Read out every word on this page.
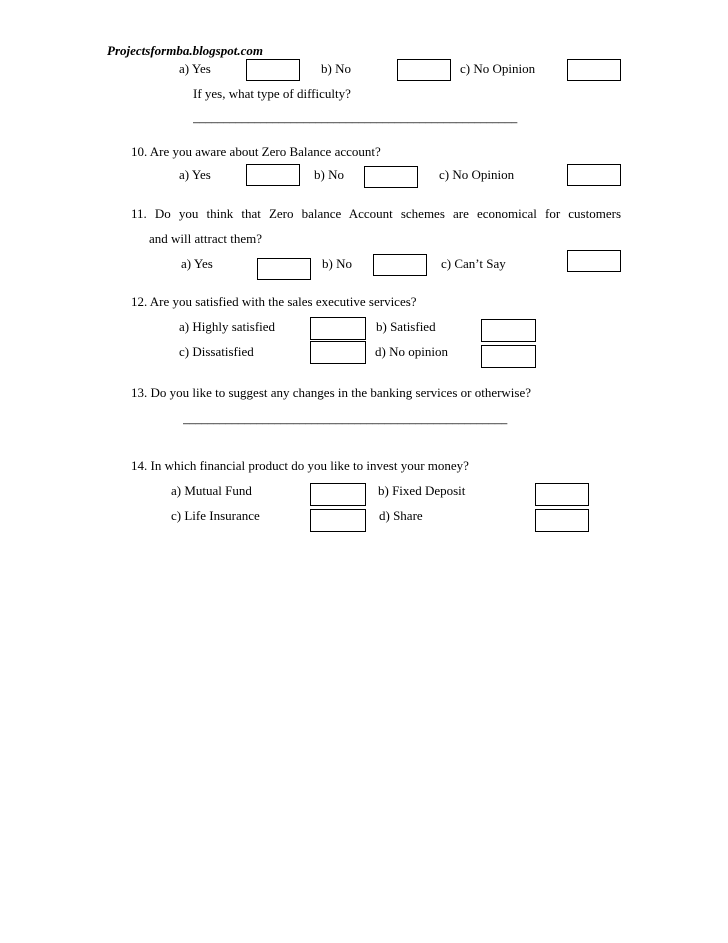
Projectsformba.blogspot.com
a) Yes	b) No	c) No Opinion
If yes, what type of difficulty?
_____________________________________________________
10. Are you aware about Zero Balance account?
a) Yes	b) No	c) No Opinion
11. Do you think that Zero balance Account schemes are economical for customers
and will attract them?
a) Yes	b) No	c) Can’t Say
12. Are you satisfied with the sales executive services?
a) Highly satisfied	b) Satisfied
c) Dissatisfied	d) No opinion
13. Do you like to suggest any changes in the banking services or otherwise?
_____________________________________________________
14. In which financial product do you like to invest your money?
a) Mutual Fund	b) Fixed Deposit
c) Life Insurance	d) Share
